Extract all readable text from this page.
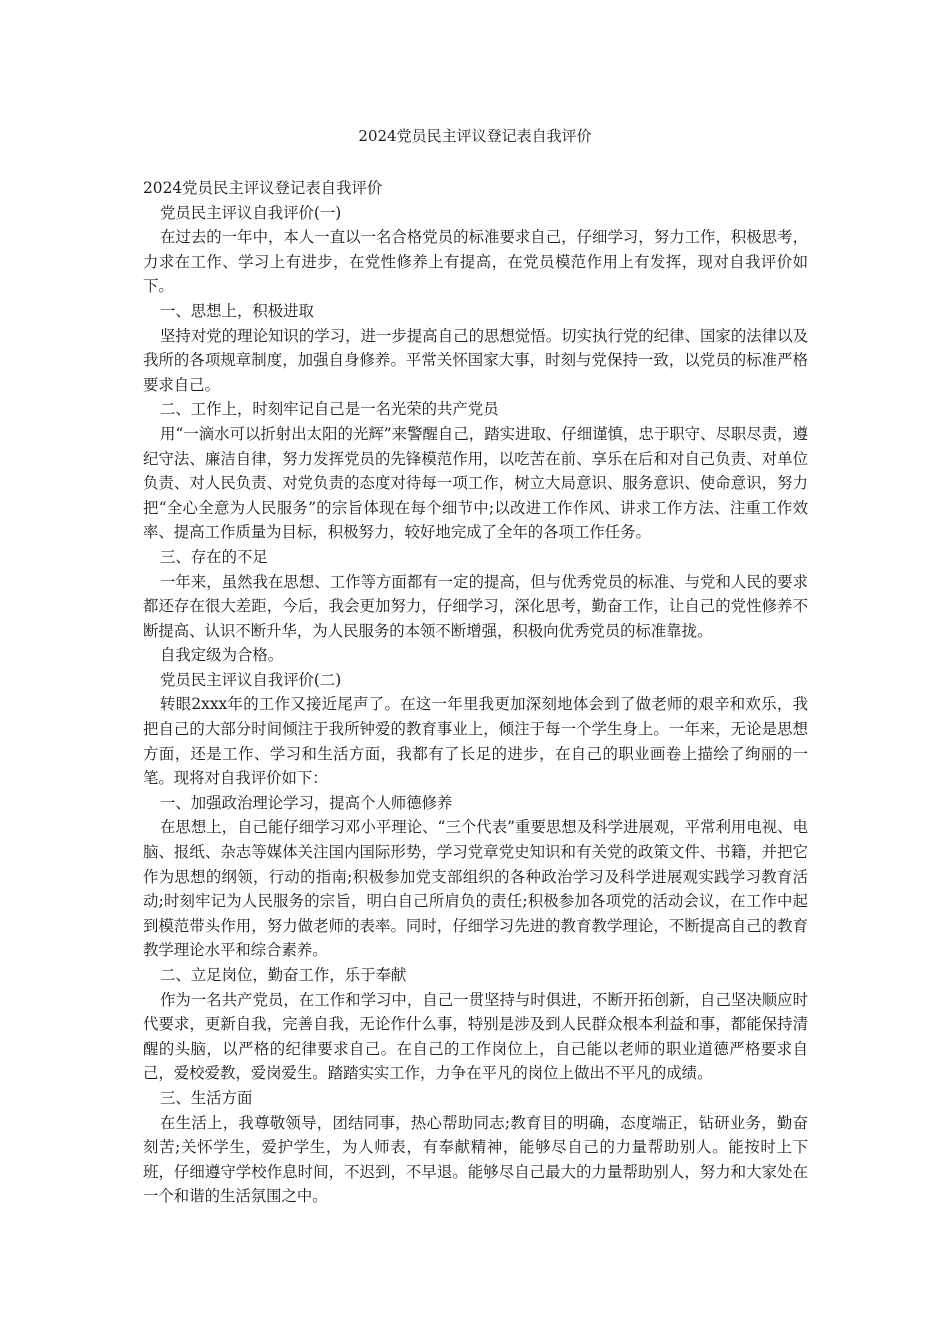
2024党员民主评议登记表自我评价

2024党员民主评议登记表自我评价

党员民主评议自我评价(一)

在过去的一年中，本人一直以一名合格党员的标准要求自己，仔细学习，努力工作，积极思考，力求在工作、学习上有进步，在党性修养上有提高，在党员模范作用上有发挥，现对自我评价如下。

一、思想上，积极进取

坚持对党的理论知识的学习，进一步提高自己的思想觉悟。切实执行党的纪律、国家的法律以及我所的各项规章制度，加强自身修养。平常关怀国家大事，时刻与党保持一致，以党员的标准严格要求自己。

二、工作上，时刻牢记自己是一名光荣的共产党员

用“一滴水可以折射出太阳的光辉”来警醒自己，踏实进取、仔细谨慎，忠于职守、尽职尽责，遵纪守法、廉洁自律，努力发挥党员的先锋模范作用，以吃苦在前、享乐在后和对自己负责、对单位负责、对人民负责、对党负责的态度对待每一项工作，树立大局意识、服务意识、使命意识，努力把“全心全意为人民服务”的宗旨体现在每个细节中;以改进工作作风、讲求工作方法、注重工作效率、提高工作质量为目标，积极努力，较好地完成了全年的各项工作任务。

三、存在的不足

一年来，虽然我在思想、工作等方面都有一定的提高，但与优秀党员的标准、与党和人民的要求都还存在很大差距，今后，我会更加努力，仔细学习，深化思考，勤奋工作，让自己的党性修养不断提高、认识不断升华，为人民服务的本领不断增强，积极向优秀党员的标准靠拢。

自我定级为合格。

党员民主评议自我评价(二)

转眼2xxx年的工作又接近尾声了。在这一年里我更加深刻地体会到了做老师的艰辛和欢乐，我把自己的大部分时间倾注于我所钟爱的教育事业上，倾注于每一个学生身上。一年来，无论是思想方面，还是工作、学习和生活方面，我都有了长足的进步，在自己的职业画卷上描绘了绚丽的一笔。现将对自我评价如下：

一、加强政治理论学习，提高个人师德修养

在思想上，自己能仔细学习邓小平理论、“三个代表”重要思想及科学进展观，平常利用电视、电脑、报纸、杂志等媒体关注国内国际形势，学习党章党史知识和有关党的政策文件、书籍，并把它作为思想的纲领，行动的指南;积极参加党支部组织的各种政治学习及科学进展观实践学习教育活动;时刻牢记为人民服务的宗旨，明白自己所肩负的责任;积极参加各项党的活动会议，在工作中起到模范带头作用，努力做老师的表率。同时，仔细学习先进的教育教学理论，不断提高自己的教育教学理论水平和综合素养。

二、立足岗位，勤奋工作，乐于奉献

作为一名共产党员，在工作和学习中，自己一贯坚持与时俱进，不断开拓创新，自己坚决顺应时代要求，更新自我，完善自我，无论作什么事，特别是涉及到人民群众根本利益和事，都能保持清醒的头脑，以严格的纪律要求自己。在自己的工作岗位上，自己能以老师的职业道德严格要求自己，爱校爱教，爱岗爱生。踏踏实实工作，力争在平凡的岗位上做出不平凡的成绩。

三、生活方面

在生活上，我尊敬领导，团结同事，热心帮助同志;教育目的明确，态度端正，钻研业务，勤奋刻苦;关怀学生，爱护学生，为人师表，有奉献精神，能够尽自己的力量帮助别人。能按时上下班，仔细遵守学校作息时间，不迟到，不早退。能够尽自己最大的力量帮助别人，努力和大家处在一个和谐的生活氛围之中。
